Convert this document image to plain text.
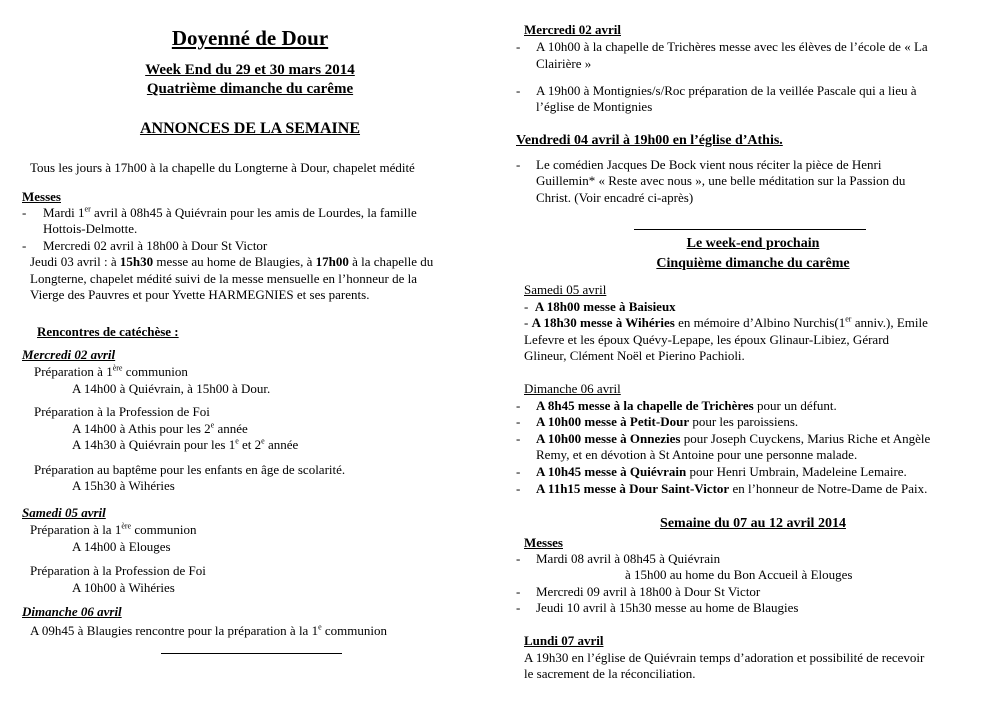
Doyenné de Dour
Week End du 29 et 30 mars 2014
Quatrième dimanche du carême
ANNONCES DE LA SEMAINE
Tous les jours à 17h00 à la chapelle du Longterne à Dour, chapelet médité
Messes
- Mardi 1er avril à 08h45 à Quiévrain pour les amis de Lourdes, la famille
Hottois-Delmotte.
- Mercredi 02 avril à 18h00 à Dour St Victor
Jeudi 03 avril : à 15h30 messe au home de Blaugies, à 17h00 à la chapelle du
Longterne, chapelet médité suivi de la messe mensuelle en l’honneur de la
Vierge des Pauvres et pour Yvette HARMEGNIES et ses parents.
Rencontres de catéchèse :
Mercredi 02 avril
Préparation à 1ère communion
A 14h00 à Quiévrain, à 15h00 à Dour.
Préparation à la Profession de Foi
A 14h00 à Athis pour les 2e année
A 14h30 à Quiévrain pour les 1e et 2e année
Préparation au baptême pour les enfants en âge de scolarité.
A 15h30 à Wihéries
Samedi 05 avril
Préparation à la 1ère communion
A 14h00 à Elouges
Préparation à la Profession de Foi
A 10h00 à Wihéries
Dimanche 06 avril
A 09h45 à Blaugies rencontre pour la préparation à la 1e communion
Mercredi 02 avril
- A 10h00 à la chapelle de Trichères messe avec les élèves de l’école de « La
Clairière »
- A 19h00 à Montignies/s/Roc préparation de la veillée Pascale qui a lieu à
l’église de Montignies
Vendredi 04 avril à 19h00 en l’église d’Athis.
- Le comédien Jacques De Bock vient nous réciter la pièce de Henri
Guillemin* « Reste avec nous », une belle méditation sur la Passion du
Christ. (Voir encadré ci-après)
Le week-end prochain
Cinquième dimanche du carême
Samedi 05 avril
- A 18h00 messe à Baisieux
- A 18h30 messe à Wihéries en mémoire d’Albino Nurchis(1er anniv.), Emile
Lefevre et les époux Quévy-Lepape, les époux Glinaur-Libiez, Gérard
Glineur, Clément Noël et Pierino Pachioli.
Dimanche 06 avril
- A 8h45 messe à la chapelle de Trichères pour un défunt.
- A 10h00 messe à Petit-Dour pour les paroissiens.
- A 10h00 messe à Onnezies pour Joseph Cuyckens, Marius Riche et Angèle
Remy, et en dévotion à St Antoine pour une personne malade.
- A 10h45 messe à Quiévrain pour Henri Umbrain, Madeleine Lemaire.
- A 11h15 messe à Dour Saint-Victor en l’honneur de Notre-Dame de Paix.
Semaine du 07 au 12 avril 2014
Messes
- Mardi 08 avril à 08h45 à Quiévrain
à 15h00 au home du Bon Accueil à Elouges
- Mercredi 09 avril à 18h00 à Dour St Victor
- Jeudi 10 avril à 15h30 messe au home de Blaugies
Lundi 07 avril
A 19h30 en l’église de Quiévrain temps d’adoration et possibilité de recevoir
le sacrement de la réconciliation.
